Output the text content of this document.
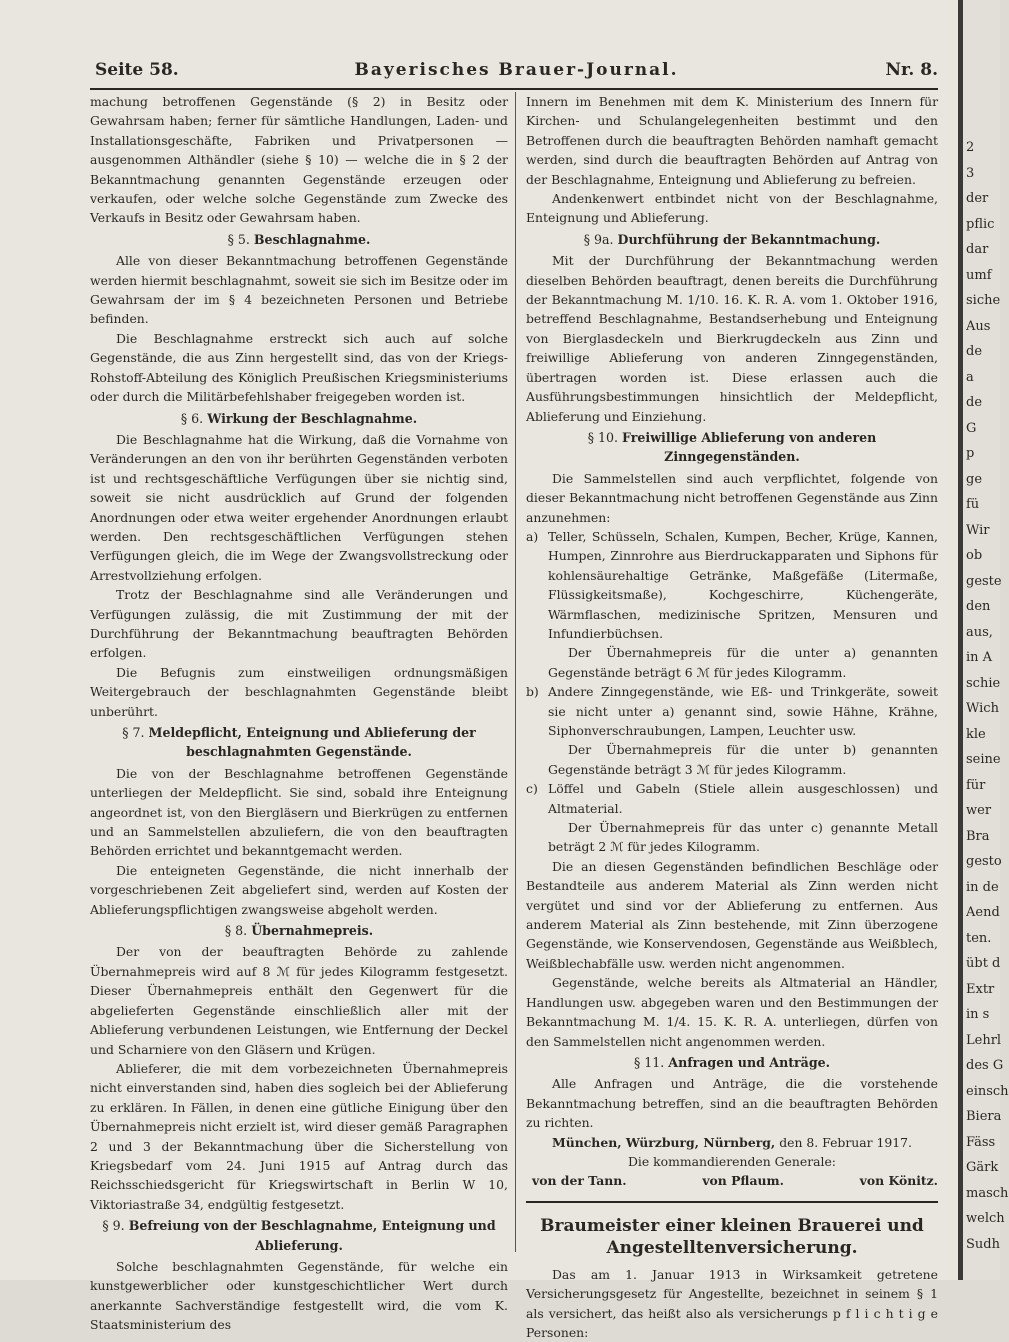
Seite 58.	Bayerisches Brauer-Journal.	Nr. 8.

machung betroffenen Gegenstände (§ 2) in Besitz oder Gewahrsam haben; ferner für sämtliche Handlungen, Laden- und Installationsgeschäfte, Fabriken und Privatpersonen — ausgenommen Althändler (siehe § 10) — welche die in § 2 der Bekanntmachung genannten Gegenstände erzeugen oder verkaufen, oder welche solche Gegenstände zum Zwecke des Verkaufs in Besitz oder Gewahrsam haben.

§ 5. Beschlagnahme.

Alle von dieser Bekanntmachung betroffenen Gegenstände werden hiermit beschlagnahmt, soweit sie sich im Besitze oder im Gewahrsam der im § 4 bezeichneten Personen und Betriebe befinden.

Die Beschlagnahme erstreckt sich auch auf solche Gegenstände, die aus Zinn hergestellt sind, das von der Kriegs-Rohstoff-Abteilung des Königlich Preußischen Kriegsministeriums oder durch die Militärbefehlshaber freigegeben worden ist.

§ 6. Wirkung der Beschlagnahme.

Die Beschlagnahme hat die Wirkung, daß die Vornahme von Veränderungen an den von ihr berührten Gegenständen verboten ist und rechtsgeschäftliche Verfügungen über sie nichtig sind, soweit sie nicht ausdrücklich auf Grund der folgenden Anordnungen oder etwa weiter ergehender Anordnungen erlaubt werden. Den rechtsgeschäftlichen Verfügungen stehen Verfügungen gleich, die im Wege der Zwangsvollstreckung oder Arrestvollziehung erfolgen.

Trotz der Beschlagnahme sind alle Veränderungen und Verfügungen zulässig, die mit Zustimmung der mit der Durchführung der Bekanntmachung beauftragten Behörden erfolgen.

Die Befugnis zum einstweiligen ordnungsmäßigen Weitergebrauch der beschlagnahmten Gegenstände bleibt unberührt.

§ 7. Meldepflicht, Enteignung und Ablieferung der beschlagnahmten Gegenstände.

Die von der Beschlagnahme betroffenen Gegenstände unterliegen der Meldepflicht. Sie sind, sobald ihre Enteignung angeordnet ist, von den Biergläsern und Bierkrügen zu entfernen und an Sammelstellen abzuliefern, die von den beauftragten Behörden errichtet und bekanntgemacht werden.

Die enteigneten Gegenstände, die nicht innerhalb der vorgeschriebenen Zeit abgeliefert sind, werden auf Kosten der Ablieferungspflichtigen zwangsweise abgeholt werden.

§ 8. Übernahmepreis.

Der von der beauftragten Behörde zu zahlende Übernahmepreis wird auf 8 ℳ für jedes Kilogramm festgesetzt. Dieser Übernahmepreis enthält den Gegenwert für die abgelieferten Gegenstände einschließlich aller mit der Ablieferung verbundenen Leistungen, wie Entfernung der Deckel und Scharniere von den Gläsern und Krügen.

Ablieferer, die mit dem vorbezeichneten Übernahmepreis nicht einverstanden sind, haben dies sogleich bei der Ablieferung zu erklären. In Fällen, in denen eine gütliche Einigung über den Übernahmepreis nicht erzielt ist, wird dieser gemäß Paragraphen 2 und 3 der Bekanntmachung über die Sicherstellung von Kriegsbedarf vom 24. Juni 1915 auf Antrag durch das Reichsschiedsgericht für Kriegswirtschaft in Berlin W 10, Viktoriastraße 34, endgültig festgesetzt.

§ 9. Befreiung von der Beschlagnahme, Enteignung und Ablieferung.

Solche beschlagnahmten Gegenstände, für welche ein kunstgewerblicher oder kunstgeschichtlicher Wert durch anerkannte Sachverständige festgestellt wird, die vom K. Staatsministerium des

Innern im Benehmen mit dem K. Ministerium des Innern für Kirchen- und Schulangelegenheiten bestimmt und den Betroffenen durch die beauftragten Behörden namhaft gemacht werden, sind durch die beauftragten Behörden auf Antrag von der Beschlagnahme, Enteignung und Ablieferung zu befreien.

Andenkenwert entbindet nicht von der Beschlagnahme, Enteignung und Ablieferung.

§ 9a. Durchführung der Bekanntmachung.

Mit der Durchführung der Bekanntmachung werden dieselben Behörden beauftragt, denen bereits die Durchführung der Bekanntmachung M. 1/10. 16. K. R. A. vom 1. Oktober 1916, betreffend Beschlagnahme, Bestandserhebung und Enteignung von Bierglasdeckeln und Bierkrugdeckeln aus Zinn und freiwillige Ablieferung von anderen Zinngegenständen, übertragen worden ist. Diese erlassen auch die Ausführungsbestimmungen hinsichtlich der Meldepflicht, Ablieferung und Einziehung.

§ 10. Freiwillige Ablieferung von anderen Zinngegenständen.

Die Sammelstellen sind auch verpflichtet, folgende von dieser Bekanntmachung nicht betroffenen Gegenstände aus Zinn anzunehmen:

a) Teller, Schüsseln, Schalen, Kumpen, Becher, Krüge, Kannen, Humpen, Zinnrohre aus Bierdruckapparaten und Siphons für kohlensäurehaltige Getränke, Maßgefäße (Litermaße, Flüssigkeitsmaße), Kochgeschirre, Küchengeräte, Wärmflaschen, medizinische Spritzen, Mensuren und Infundierbüchsen.
Der Übernahmepreis für die unter a) genannten Gegenstände beträgt 6 ℳ für jedes Kilogramm.
b) Andere Zinngegenstände, wie Eß- und Trinkgeräte, soweit sie nicht unter a) genannt sind, sowie Hähne, Krähne, Siphonverschraubungen, Lampen, Leuchter usw.
Der Übernahmepreis für die unter b) genannten Gegenstände beträgt 3 ℳ für jedes Kilogramm.
c) Löffel und Gabeln (Stiele allein ausgeschlossen) und Altmaterial.
Der Übernahmepreis für das unter c) genannte Metall beträgt 2 ℳ für jedes Kilogramm.

Die an diesen Gegenständen befindlichen Beschläge oder Bestandteile aus anderem Material als Zinn werden nicht vergütet und sind vor der Ablieferung zu entfernen. Aus anderem Material als Zinn bestehende, mit Zinn überzogene Gegenstände, wie Konservendosen, Gegenstände aus Weißblech, Weißblechabfälle usw. werden nicht angenommen.

Gegenstände, welche bereits als Altmaterial an Händler, Handlungen usw. abgegeben waren und den Bestimmungen der Bekanntmachung M. 1/4. 15. K. R. A. unterliegen, dürfen von den Sammelstellen nicht angenommen werden.

§ 11. Anfragen und Anträge.

Alle Anfragen und Anträge, die die vorstehende Bekanntmachung betreffen, sind an die beauftragten Behörden zu richten.

München, Würzburg, Nürnberg, den 8. Februar 1917.
Die kommandierenden Generale:
von der Tann.	von Pflaum.	von Könitz.
Braumeister einer kleinen Brauerei und Angestelltenversicherung.

Das am 1. Januar 1913 in Wirksamkeit getretene Versicherungsgesetz für Angestellte, bezeichnet in seinem § 1 als versichert, das heißt also als versicherungs p f l i c h t i g e Personen:

2
3
der
pflic
dar
umf
siche
Aus
de
a
de
G
p
ge
fü
Wir
ob
geste
den
aus,
in A
schie
Wich
kle
seine
für
wer
Bra
gesto
in de
Aend
ten.
übt d
Extr
in s
Lehrl
des G
einsch
Biera
Fäss
Gärk
masch
welch
Sudh
